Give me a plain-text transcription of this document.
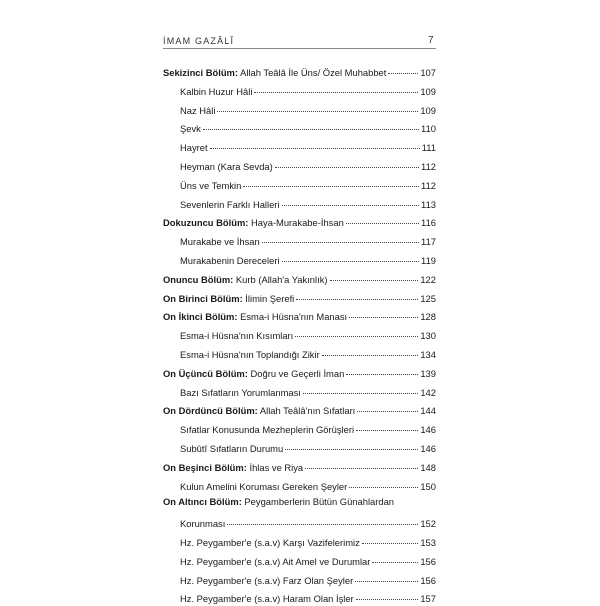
İMAM GAZÂLÎ	7
Sekizinci Bölüm: Allah Teâlâ İle Üns/ Özel Muhabbet	107
Kalbin Huzur Hâli	109
Naz Hâli	109
Şevk	110
Hayret	111
Heyman (Kara Sevda)	112
Üns ve Temkin	112
Sevenlerin Farklı Halleri	113
Dokuzuncu Bölüm: Haya-Murakabe-İhsan	116
Murakabe ve İhsan	117
Murakabenin Dereceleri	119
Onuncu Bölüm: Kurb (Allah'a Yakınlık)	122
On Birinci Bölüm: İlimin Şerefi	125
On İkinci Bölüm: Esma-i Hüsna'nın Manası	128
Esma-i Hüsna'nın Kısımları	130
Esma-i Hüsna'nın Toplandığı Zikir	134
On Üçüncü Bölüm: Doğru ve Geçerli İman	139
Bazı Sıfatların Yorumlanması	142
On Dördüncü Bölüm: Allah Teâlâ'nın Sıfatları	144
Sıfatlar Konusunda Mezheplerin Görüşleri	146
Subûtî Sıfatların Durumu	146
On Beşinci Bölüm: İhlas ve Riya	148
Kulun Amelini Koruması Gereken Şeyler	150
On Altıncı Bölüm: Peygamberlerin Bütün Günahlardan
Korunması	152
Hz. Peygamber'e (s.a.v) Karşı Vazifelerimiz	153
Hz. Peygamber'e (s.a.v) Ait Amel ve Durumlar	156
Hz. Peygamber'e (s.a.v) Farz Olan Şeyler	156
Hz. Peygamber'e (s.a.v) Haram Olan İşler	157
